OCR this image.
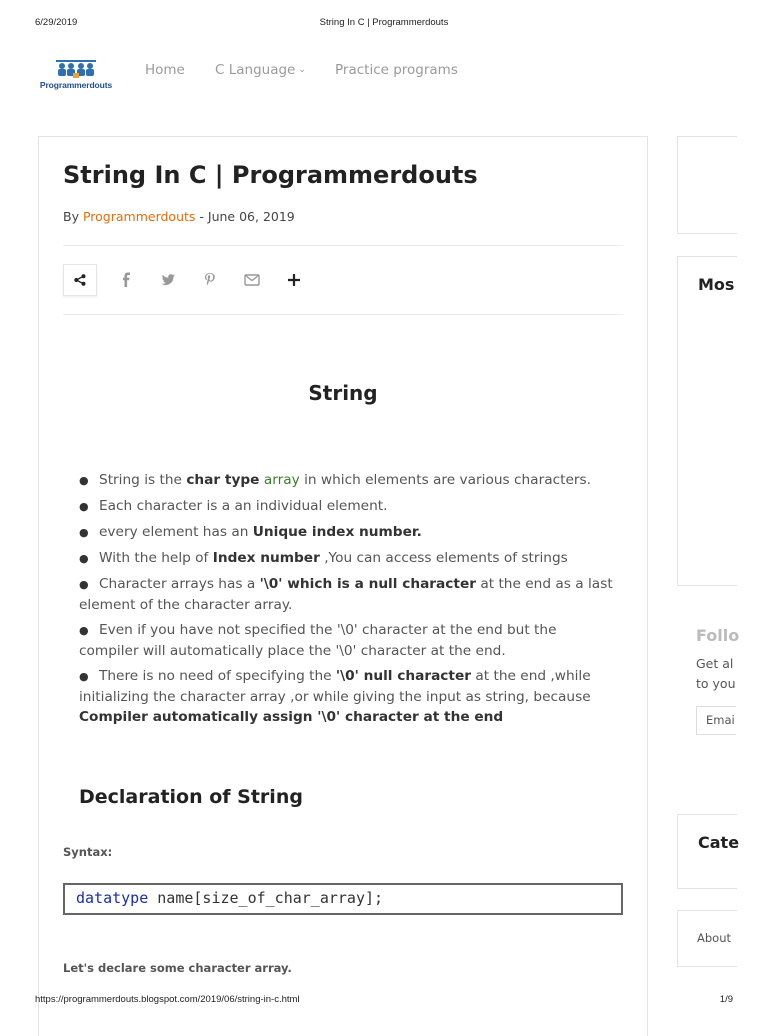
6/29/2019	String In C | Programmerdouts
Programmerdouts
Home C Language ⌄ Practice programs
String In C | Programmerdouts
By Programmerdouts - June 06, 2019
String
● String is the char type array in which elements are various characters.
● Each character is a an individual element.
● every element has an Unique index number.
● With the help of Index number ,You can access elements of strings
● Character arrays has a '\0' which is a null character at the end as a last element of the character array.
● Even if you have not specified the '\0' character at the end but the compiler will automatically place the '\0' character at the end.
● There is no need of specifying the '\0' null character at the end ,while initializing the character array ,or while giving the input as string, because Compiler automatically assign '\0' character at the end
Declaration of String
Syntax:
datatype name[size_of_char_array];
Let's declare some character array.
Mos
Follo
Get al
to you
Emai
Cate
About
https://programmerdouts.blogspot.com/2019/06/string-in-c.html	1/9
